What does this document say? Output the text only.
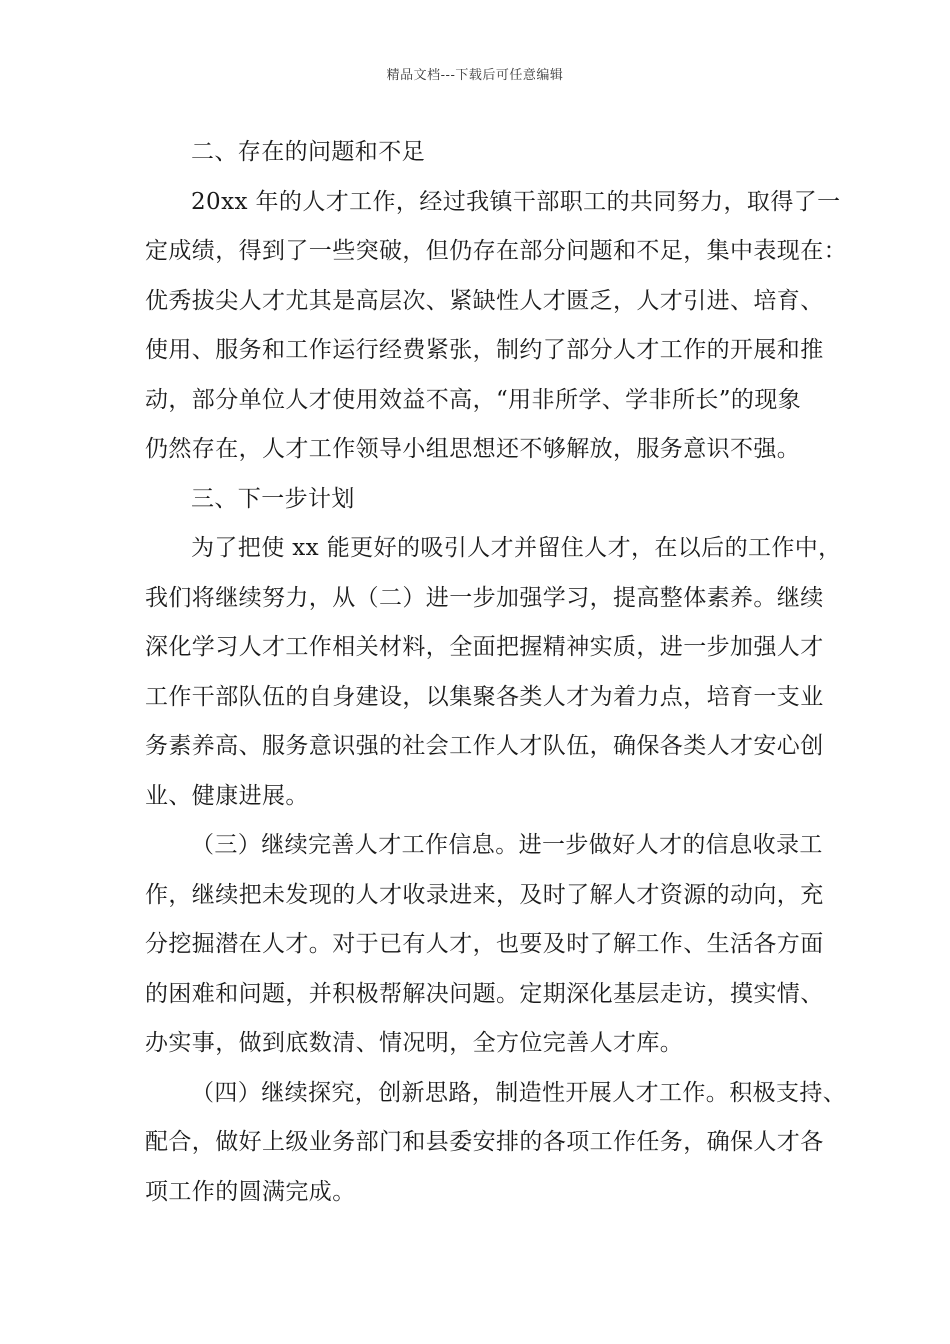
精品文档---下载后可任意编辑
二、存在的问题和不足
20xx 年的人才工作，经过我镇干部职工的共同努力，取得了一
定成绩，得到了一些突破，但仍存在部分问题和不足，集中表现在：
优秀拔尖人才尤其是高层次、紧缺性人才匮乏，人才引进、培育、
使用、服务和工作运行经费紧张，制约了部分人才工作的开展和推
动，部分单位人才使用效益不高，“用非所学、学非所长”的现象
仍然存在，人才工作领导小组思想还不够解放，服务意识不强。
三、下一步计划
为了把使 xx 能更好的吸引人才并留住人才，在以后的工作中，
我们将继续努力，从（二）进一步加强学习，提高整体素养。继续
深化学习人才工作相关材料，全面把握精神实质，进一步加强人才
工作干部队伍的自身建设，以集聚各类人才为着力点，培育一支业
务素养高、服务意识强的社会工作人才队伍，确保各类人才安心创
业、健康进展。
（三）继续完善人才工作信息。进一步做好人才的信息收录工
作，继续把未发现的人才收录进来，及时了解人才资源的动向，充
分挖掘潜在人才。对于已有人才，也要及时了解工作、生活各方面
的困难和问题，并积极帮解决问题。定期深化基层走访，摸实情、
办实事，做到底数清、情况明，全方位完善人才库。
（四）继续探究，创新思路，制造性开展人才工作。积极支持、
配合，做好上级业务部门和县委安排的各项工作任务，确保人才各
项工作的圆满完成。
